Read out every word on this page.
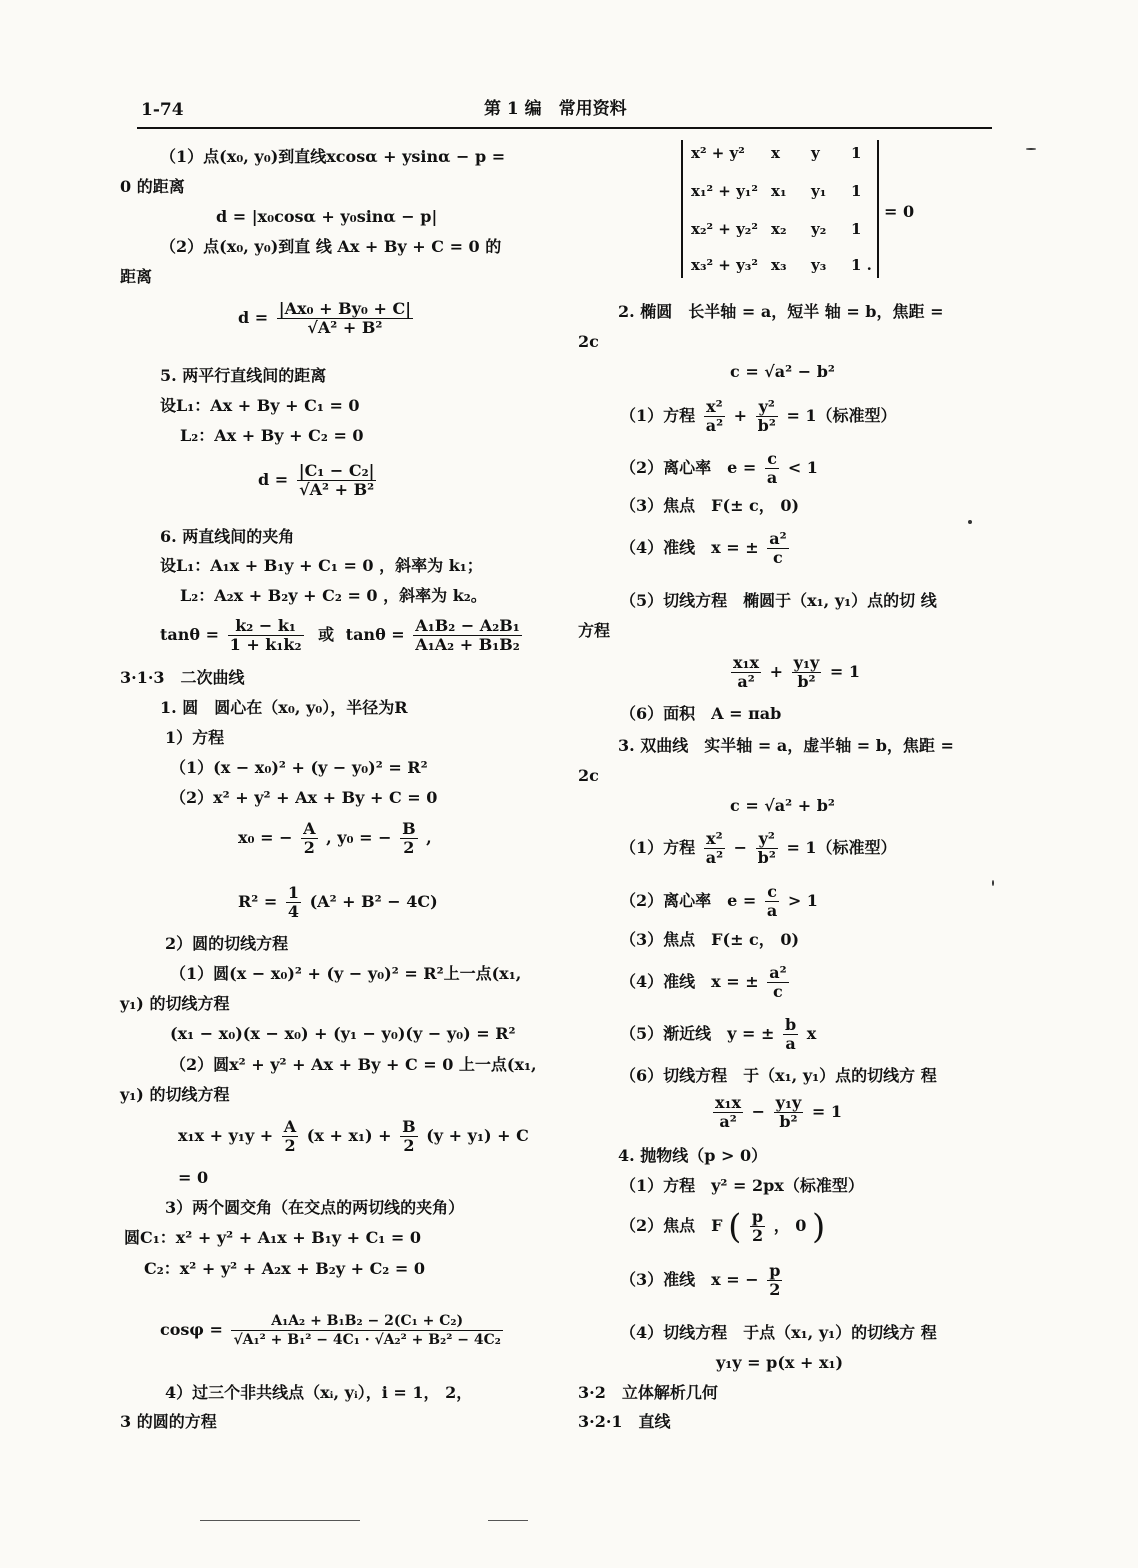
1-74	第 1 编　常用资料
（1）点(x₀, y₀)到直线xcosα + ysinα − p =
0 的距离
d = |x₀cosα + y₀sinα − p|
（2）点(x₀, y₀)到直 线 Ax + By + C = 0 的
距离
$d = \frac{\text{|Ax₀ + By₀ + C|}}{\text{√A² + B²}}$
5. 两平行直线间的距离
设L₁：Ax + By + C₁ = 0
L₂：Ax + By + C₂ = 0
$d = \frac{\text{|C₁ − C₂|}}{\text{√A² + B²}}$
6. 两直线间的夹角
设L₁：A₁x + B₁y + C₁ = 0 ，斜率为 k₁；
L₂：A₂x + B₂y + C₂ = 0 ，斜率为 k₂。
$\tan\theta = \frac{\text{k₂ − k₁}}{\text{1 + k₁k₂}}$ 或 $\tan\theta = \frac{\text{A₁B₂ − A₂B₁}}{\text{A₁A₂ + B₁B₂}}$
3·1·3　二次曲线
1. 圆　圆心在（x₀, y₀），半径为R
1）方程
（1）(x − x₀)² + (y − y₀)² = R²
（2）x² + y² + Ax + By + C = 0
x₀ = − $\frac{A}{2}$ , y₀ = − $\frac{B}{2}$ ,
$R^2 = \frac{1}{4} (A^2 + B^2 - 4C)$
2）圆的切线方程
（1）圆(x − x₀)² + (y − y₀)² = R²上一点(x₁,
y₁) 的切线方程
(x₁ − x₀)(x − x₀) + (y₁ − y₀)(y − y₀) = R²
（2）圆x² + y² + Ax + By + C = 0 上一点(x₁,
y₁) 的切线方程
$x_1x + y_1y + \frac{A}{2} (x + x_1) + \frac{B}{2} (y + y_1) + C$
= 0
3）两个圆交角（在交点的两切线的夹角）
圆C₁：x² + y² + A₁x + B₁y + C₁ = 0
C₂：x² + y² + A₂x + B₂y + C₂ = 0
$\cos\varphi = \frac{\text{A₁A₂ + B₁B₂ − 2(C₁ + C₂)}}{\text{√A₁² + B₁² − 4C₁ · √A₂² + B₂² − 4C₂}}$
4）过三个非共线点（xᵢ, yᵢ），i = 1， 2，
3 的圆的方程
x² + y² x y 1
x₁² + y₁² x₁ y₁ 1
x₂² + y₂² x₂ y₂ 1
x₃² + y₃² x₃ y₃ 1 .
= 0
2. 椭圆　长半轴 = a，短半 轴 = b，焦距 =
2c
c = √a² − b²
（1）方程 $\frac{\text{x²}}{\text{a²}} + \frac{\text{y²}}{\text{b²}} = 1$（标准型）
（2）离心率　$e = \frac{c}{a} < 1$
（3）焦点　F(± c， 0)
（4）准线　x = ± $\frac{\text{a²}}{c}$
（5）切线方程　椭圆于（x₁, y₁）点的切 线
方程
$\frac{\text{x₁x}}{\text{a²}} + \frac{\text{y₁y}}{\text{b²}} = 1$
（6）面积　A = πab
3. 双曲线　实半轴 = a，虚半轴 = b，焦距 =
2c
c = √a² + b²
（1）方程 $\frac{\text{x²}}{\text{a²}} - \frac{\text{y²}}{\text{b²}} = 1$（标准型）
（2）离心率　$e = \frac{c}{a} > 1$
（3）焦点　F(± c， 0)
（4）准线　x = ± $\frac{\text{a²}}{c}$
（5）渐近线　y = ± $\frac{b}{a}$ x
（6）切线方程　于（x₁, y₁）点的切线方 程
$\frac{\text{x₁x}}{\text{a²}} - \frac{\text{y₁y}}{\text{b²}} = 1$
4. 抛物线（p > 0）
（1）方程　y² = 2px（标准型）
（2）焦点　F ( $\frac{p}{2}$ ， 0 )
（3）准线　x = − $\frac{p}{2}$
（4）切线方程　于点（x₁, y₁）的切线方 程
y₁y = p(x + x₁)
3·2　立体解析几何
3·2·1　直线
